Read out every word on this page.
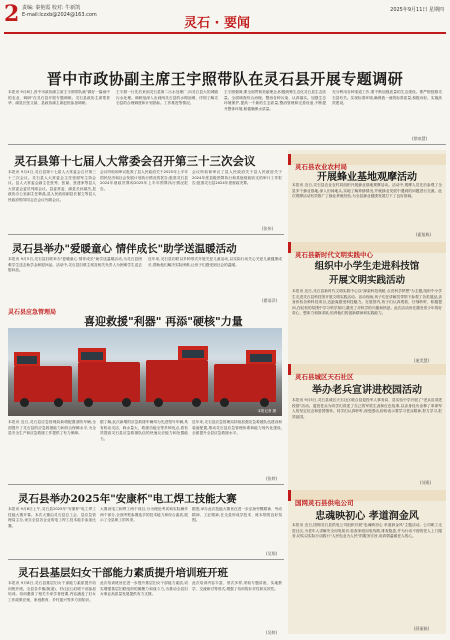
2 责编: 秦艳霞 校对: 牛新凯
E-mail:lczxb@2024@163.com
灵石 · 要闻
2025年9月11日 星期四
晋中市政协副主席王宇照带队在灵石县开展专题调研
本报讯 9月8日,晋中市政协副主席王宇照带队就"做好一篇雨中的农业、调研"在灵石县开展专题调研。灵石县政协主席郑世华、副县长张文斌、县政协副主席赵恒参加调研。
王宇照一行先后来到灵石县第二污水处理厂,向灵石县大的城镇污水处理。调研组深入出到两灵石县的水网治理、详细了解灵石县的合理调度和计划指标。工作推进等情况。
王宇照强调,要全面贯彻美丽理念,积极统筹生态化灵石县生态质量。全面调查综合治理。整治各种污染、认真落实。加强生态环境保护,提高一个新的生态质量,整治管理和完善设备,不断提升整体环境,积极确保水质量。
充分利用各种渠道工作,要不断加强质量的生态建设。要严格按照灵石县有关。实现标准环境,确保我一流的标准质量,积极向好。实施高效建设。
(徐冰慧)
灵石县第十七届人大常委会召开第三十三次会议
本报讯 9月4日,灵石县第十七届人大常委会召开第三十三次会议。灵石县人大常委会主任张树军主持会议。县人大常委会副主任张秀、张斌、张建家等县人大常委会委员列席会议。县委常委、副县长孙斌杰,县政协办公室副主任韩晶,县人民政府副县长翟立等县人民政府领导同志在会议列席会议。
会议听取和审议批准了县人民政府关于2025年上半年国民经济和社会发展计划执行情况的报告;批准灵石县2024年财政决算和2025年上半年预算执行情况报告。
会议听取和审议了县人民政府关于县人民政府关于2024年度县级预算执行和其他财政收支的审计工作报告;批准灵石县2024年度财政决算。
(张伟)
灵石县举办"爱暖童心 情伴成长"助学送温暖活动
本报讯 9月5日,灵石县妇联举办"爱暖童心 情伴成长"助学送温暖活动,为灵石县困难学生送去助学金和慰问品。活动中,灵石县妇联主席及相关负责人为困难学生送去慰问品。
近年来,灵石县妇联以多种形式开展关爱儿童活动,以实际行动关心关爱儿童健康成长,帮助他们解决实际困难,让孩子们感受到社会的温暖。
(翟雨萍)
灵石县应急管理局
喜迎救援"利器" 再添"硬核"力量
本报记者 摄
本报讯 近日,灵石县应急管理局新增配置消防车辆,全面提升了灵石县的应急救援能力和综合保障水平,为全县安全生产和应急救援工作提供了有力保障。
据了解,此次新增的应急救援车辆均为先进型号车辆,具有机动灵活、载水量大、救援功能全等多种优点,将有效提高灵石县应急救援队伍的快速反应能力和处置能力。
近年来,灵石县应急管理局持续加强应急救援队伍建设和装备配置,推动灵石县应急管理体系和能力现代化建设,全面提升全县应急救援水平。
(张婷)
灵石县举办2025年"安康杯"电工焊工技能大赛
本报讯 9月8日上午,灵石县2025年"安康杯"电工焊工技能大赛开幕。本次大赛由灵石县总工会、县应急管理局主办,来自全县各企业的电工焊工技术能手参加比赛。
大赛设电工和焊工两个项目,分为理论考试和实际操作两个部分,全面考察参赛选手的技术能力和综合素质,展示了全县职工的风采。
据悉,举办此次技能大赛旨在进一步弘扬劳模精神、劳动精神、工匠精神,在全县形成学技术、练本领的良好氛围。
(吴翔)
灵石县基层妇女干部能力素质提升培训班开班
本报讯 9月8日,灵石县基层妇女干部能力素质提升培训班开班。全县各乡镇(街道)、村(社区)妇联干部参加培训。培训邀请了相关专家学者授课,内容涵盖了妇女工作政策法规、家庭教育、乡村振兴等多方面知识。
此次培训班旨在进一步提升基层妇女干部能力素质,切实增强基层妇联组织的凝聚力和战斗力,为推动全县妇女事业高质量发展提供有力支撑。
此次培训内容丰富、形式多样,采取专题讲座、实地教学、交流研讨等形式,增强了培训的针对性和实效性。
(吴婷)
灵石县农业农村局
开展蜂业基地观摩活动
本报讯 近日,灵石县农业农村局组织开展蜂业基地观摩活动。活动中,观摩人员先后参观了全县多个蜂业基地,深入田间地头,实地了解养蜂情况,并就蜂业发展中遇到的问题进行交流。此次观摩活动有效推广了蜂业养殖经验,为全县蜂业健康发展打下了良好基础。
(霍旭栋)
灵石县新时代文明实践中心
组织中小学生走进科技馆
开展文明实践活动
本报讯 近日,灵石县新时代文明实践中心以"探索科技奥秘 点亮科学梦想"为主题,组织中小学生走进灵石县科技馆开展文明实践活动。活动现场,孩子们在讲解员带领下参观了各类展品,亲身体验各种科技项目,近距离感受科技魅力。在展馆内,孩子们认真观看、仔细聆听、积极提问,在轻松的氛围中学习科学知识,激发了对科学的兴趣和热爱。此次活动旨在激发青少年的好奇心、想象力和探求欲,培养他们的创新精神和实践能力。
(庞美慧)
灵石县城区天石社区
举办老兵宣讲进校园活动
本报讯 9月5日,灵石县城区天石社区联合县退役军人事务局、县实验中学开展了"老兵宣讲进校园"活动。退役老兵为同学们讲述了自己的军旅生涯和红色故事,以亲身经历诠释了革命军人的坚定信念和爱国情怀。同学们认真聆听,深受感动,纷纷表示要学习老兵精神,努力学习,报效祖国。
(刘燕)
国网灵石县供电公司
忠魂映初心 孝道润金风
本报讯 近日,国网灵石县供电公司组织开展"忠魂映初心 孝道润金风"主题活动。公司职工走进社区,为老年人讲解安全用电知识,检查家庭用电线路,排查隐患,并为行动不便的老人上门服务,切实以实际行动践行"人民电业为人民"的服务宗旨,用真情温暖老人的心。
(薛丽娟)
